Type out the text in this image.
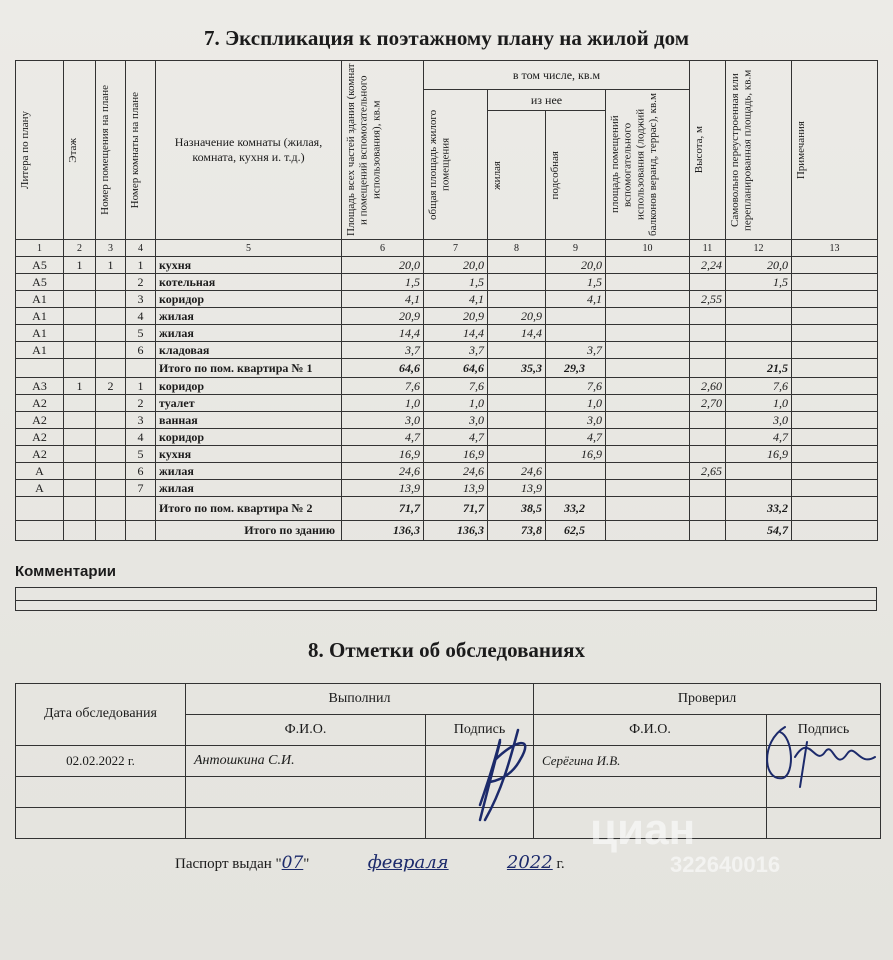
7. Экспликация к поэтажному плану на жилой дом
Литера по плану	Этаж	Номер помещения на плане	Номер комнаты на плане	Назначение комнаты (жилая, комната, кухня и. т.д.)	Площадь всех частей здания (комнат и помещений вспомогательного использования), кв.м	в том числе, кв.м				Высота, м	Самовольно переустроенная или перепланированная площадь, кв.м	Примечания

						общая площадь жилого помещения	из нее		площадь помещений вспомогательного использования (лоджий балконов веранд, террас), кв.м			

							жилая	подсобная				

1	2	3	4	5	6	7	8	9	10	11	12	13
А5	1	1	1	кухня	20,0	20,0		20,0		2,24	20,0	
А5			2	котельная	1,5	1,5		1,5			1,5	
А1			3	коридор	4,1	4,1		4,1		2,55		
А1			4	жилая	20,9	20,9	20,9					
А1			5	жилая	14,4	14,4	14,4					
А1			6	кладовая	3,7	3,7		3,7				
				Итого по пом. квартира № 1	64,6	64,6	35,3	29,3			21,5	
А3	1	2	1	коридор	7,6	7,6		7,6		2,60	7,6	
А2			2	туалет	1,0	1,0		1,0		2,70	1,0	
А2			3	ванная	3,0	3,0		3,0			3,0	
А2			4	коридор	4,7	4,7		4,7			4,7	
А2			5	кухня	16,9	16,9		16,9			16,9	
А			6	жилая	24,6	24,6	24,6			2,65		
А			7	жилая	13,9	13,9	13,9					
				Итого по пом. квартира № 2	71,7	71,7	38,5	33,2			33,2	
				Итого по зданию	136,3	136,3	73,8	62,5			54,7	
Комментарии
8. Отметки об обследованиях
Дата обследования	Выполнил		Проверил	
	Ф.И.О.	Подпись	Ф.И.О.	Подпись
02.02.2022 г.	Антошкина С.И.		Серёгина И.В.	

Паспорт выдан "07"	февраля	2022 г.
циан
322640016
